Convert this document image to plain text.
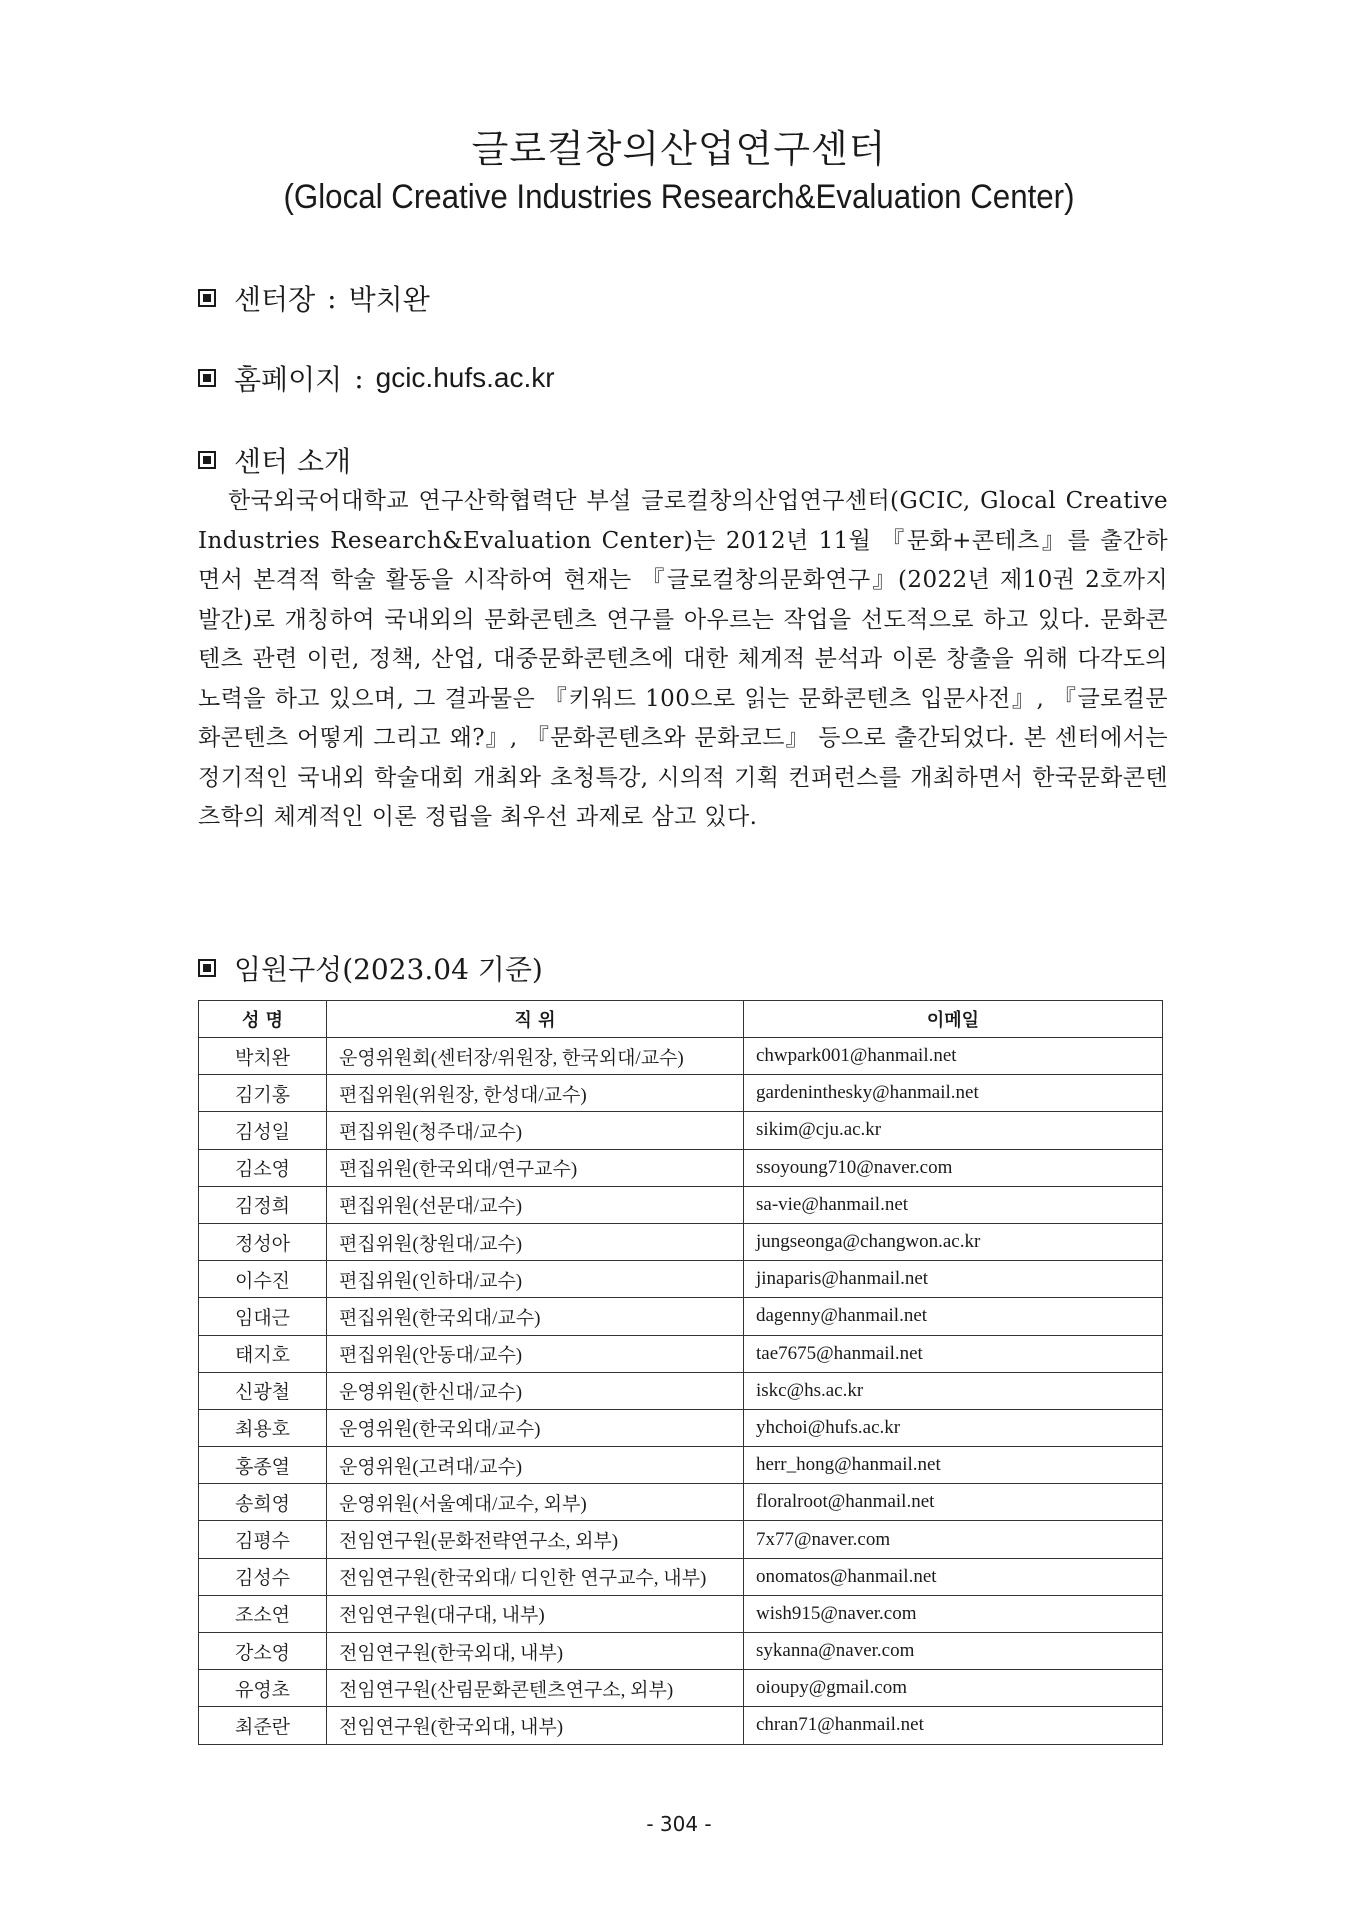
글로컬창의산업연구센터
(Glocal Creative Industries Research&Evaluation Center)
센터장 : 박치완
홈페이지 : gcic.hufs.ac.kr
센터 소개
한국외국어대학교 연구산학협력단 부설 글로컬창의산업연구센터(GCIC, Glocal Creative Industries Research&Evaluation Center)는 2012년 11월 『문화+콘테츠』를 출간하면서 본격적 학술 활동을 시작하여 현재는 『글로컬창의문화연구』(2022년 제10권 2호까지 발간)로 개칭하여 국내외의 문화콘텐츠 연구를 아우르는 작업을 선도적으로 하고 있다. 문화콘텐츠 관련 이런, 정책, 산업, 대중문화콘텐츠에 대한 체계적 분석과 이론 창출을 위해 다각도의 노력을 하고 있으며, 그 결과물은 『키워드 100으로 읽는 문화콘텐츠 입문사전』, 『글로컬문화콘텐츠 어떻게 그리고 왜?』, 『문화콘텐츠와 문화코드』 등으로 출간되었다. 본 센터에서는 정기적인 국내외 학술대회 개최와 초청특강, 시의적 기획 컨퍼런스를 개최하면서 한국문화콘텐츠학의 체계적인 이론 정립을 최우선 과제로 삼고 있다.
임원구성(2023.04 기준)
성 명	직 위	이메일
박치완	운영위원회(센터장/위원장, 한국외대/교수)	chwpark001@hanmail.net
김기홍	편집위원(위원장, 한성대/교수)	gardeninthesky@hanmail.net
김성일	편집위원(청주대/교수)	sikim@cju.ac.kr
김소영	편집위원(한국외대/연구교수)	ssoyoung710@naver.com
김정희	편집위원(선문대/교수)	sa-vie@hanmail.net
정성아	편집위원(창원대/교수)	jungseonga@changwon.ac.kr
이수진	편집위원(인하대/교수)	jinaparis@hanmail.net
임대근	편집위원(한국외대/교수)	dagenny@hanmail.net
태지호	편집위원(안동대/교수)	tae7675@hanmail.net
신광철	운영위원(한신대/교수)	iskc@hs.ac.kr
최용호	운영위원(한국외대/교수)	yhchoi@hufs.ac.kr
홍종열	운영위원(고려대/교수)	herr_hong@hanmail.net
송희영	운영위원(서울예대/교수, 외부)	floralroot@hanmail.net
김평수	전임연구원(문화전략연구소, 외부)	7x77@naver.com
김성수	전임연구원(한국외대/ 디인한 연구교수, 내부)	onomatos@hanmail.net
조소연	전임연구원(대구대, 내부)	wish915@naver.com
강소영	전임연구원(한국외대, 내부)	sykanna@naver.com
유영초	전임연구원(산림문화콘텐츠연구소, 외부)	oioupy@gmail.com
최준란	전임연구원(한국외대, 내부)	chran71@hanmail.net
- 304 -
